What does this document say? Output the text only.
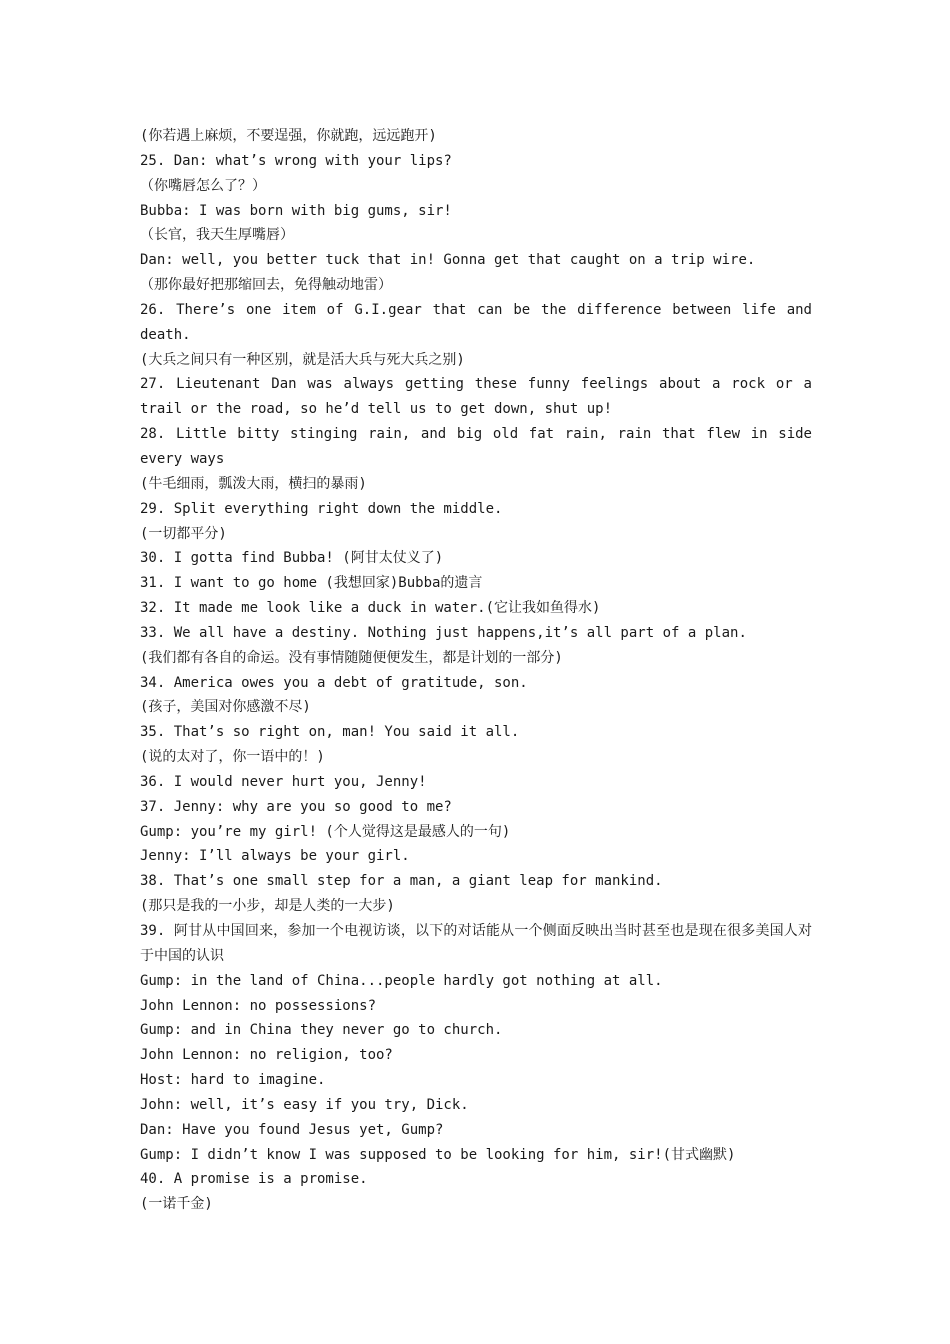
(你若遇上麻烦，不要逞强，你就跑，远远跑开)

25. Dan: what’s wrong with your lips?

（你嘴唇怎么了？）

Bubba: I was born with big gums, sir!

（长官，我天生厚嘴唇）

Dan: well, you better tuck that in! Gonna get that caught on a trip wire.

（那你最好把那缩回去，免得触动地雷）

26. There’s one item of G.I.gear that can be the difference between life and death.

(大兵之间只有一种区别，就是活大兵与死大兵之别)

27. Lieutenant Dan was always getting these funny feelings about a rock or a trail or the road, so he’d tell us to get down, shut up!

28. Little bitty stinging rain, and big old fat rain, rain that flew in side every ways

(牛毛细雨，瓢泼大雨，横扫的暴雨)

29. Split everything right down the middle.

(一切都平分)

30. I gotta find Bubba! (阿甘太仗义了)

31. I want to go home (我想回家)Bubba的遗言

32. It made me look like a duck in water.(它让我如鱼得水)

33. We all have a destiny. Nothing just happens,it’s all part of a plan.

(我们都有各自的命运。没有事情随随便便发生，都是计划的一部分)

34. America owes you a debt of gratitude, son.

(孩子，美国对你感激不尽)

35. That’s so right on, man! You said it all.

(说的太对了，你一语中的！)

36. I would never hurt you, Jenny!

37. Jenny: why are you so good to me?

Gump: you’re my girl! (个人觉得这是最感人的一句)

Jenny: I’ll always be your girl.

38. That’s one small step for a man, a giant leap for mankind.

(那只是我的一小步，却是人类的一大步)

39. 阿甘从中国回来，参加一个电视访谈，以下的对话能从一个侧面反映出当时甚至也是现在很多美国人对于中国的认识

Gump: in the land of China...people hardly got nothing at all.

John Lennon: no possessions?

Gump: and in China they never go to church.

John Lennon: no religion, too?

Host: hard to imagine.

John: well, it’s easy if you try, Dick.

Dan: Have you found Jesus yet, Gump?

Gump: I didn’t know I was supposed to be looking for him, sir!(甘式幽默)

40. A promise is a promise.

(一诺千金)
